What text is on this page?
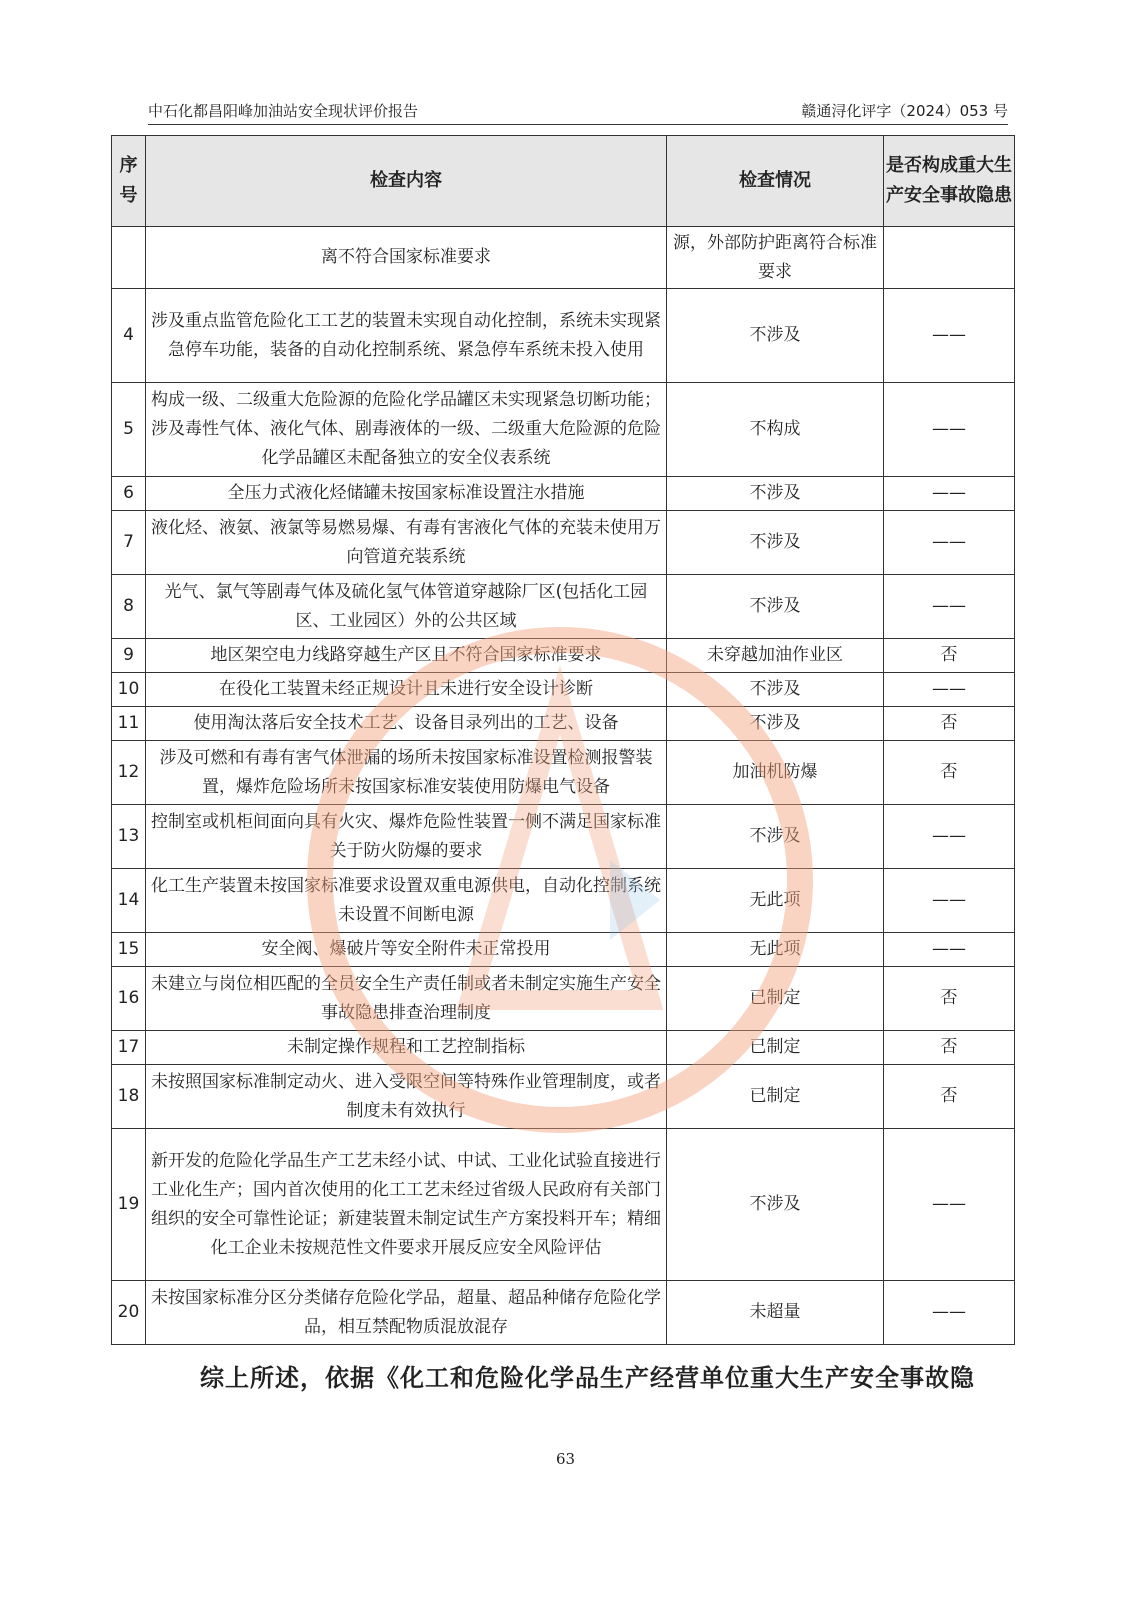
中石化都昌阳峰加油站安全现状评价报告	赣通浔化评字（2024）053 号
序号	检查内容	检查情况	是否构成重大生产安全事故隐患
	离不符合国家标准要求	源，外部防护距离符合标准要求	
4	涉及重点监管危险化工工艺的装置未实现自动化控制，系统未实现紧急停车功能，装备的自动化控制系统、紧急停车系统未投入使用	不涉及	——
5	构成一级、二级重大危险源的危险化学品罐区未实现紧急切断功能；涉及毒性气体、液化气体、剧毒液体的一级、二级重大危险源的危险化学品罐区未配备独立的安全仪表系统	不构成	——
6	全压力式液化烃储罐未按国家标准设置注水措施	不涉及	——
7	液化烃、液氨、液氯等易燃易爆、有毒有害液化气体的充装未使用万向管道充装系统	不涉及	——
8	光气、氯气等剧毒气体及硫化氢气体管道穿越除厂区(包括化工园区、工业园区）外的公共区域	不涉及	——
9	地区架空电力线路穿越生产区且不符合国家标准要求	未穿越加油作业区	否
10	在役化工装置未经正规设计且未进行安全设计诊断	不涉及	——
11	使用淘汰落后安全技术工艺、设备目录列出的工艺、设备	不涉及	否
12	涉及可燃和有毒有害气体泄漏的场所未按国家标准设置检测报警装置，爆炸危险场所未按国家标准安装使用防爆电气设备	加油机防爆	否
13	控制室或机柜间面向具有火灾、爆炸危险性装置一侧不满足国家标准关于防火防爆的要求	不涉及	——
14	化工生产装置未按国家标准要求设置双重电源供电，自动化控制系统未设置不间断电源	无此项	——
15	安全阀、爆破片等安全附件未正常投用	无此项	——
16	未建立与岗位相匹配的全员安全生产责任制或者未制定实施生产安全事故隐患排查治理制度	已制定	否
17	未制定操作规程和工艺控制指标	已制定	否
18	未按照国家标准制定动火、进入受限空间等特殊作业管理制度，或者制度未有效执行	已制定	否
19	新开发的危险化学品生产工艺未经小试、中试、工业化试验直接进行工业化生产；国内首次使用的化工工艺未经过省级人民政府有关部门组织的安全可靠性论证；新建装置未制定试生产方案投料开车；精细化工企业未按规范性文件要求开展反应安全风险评估	不涉及	——
20	未按国家标准分区分类储存危险化学品，超量、超品种储存危险化学品，相互禁配物质混放混存	未超量	——
综上所述，依据《化工和危险化学品生产经营单位重大生产安全事故隐
63
